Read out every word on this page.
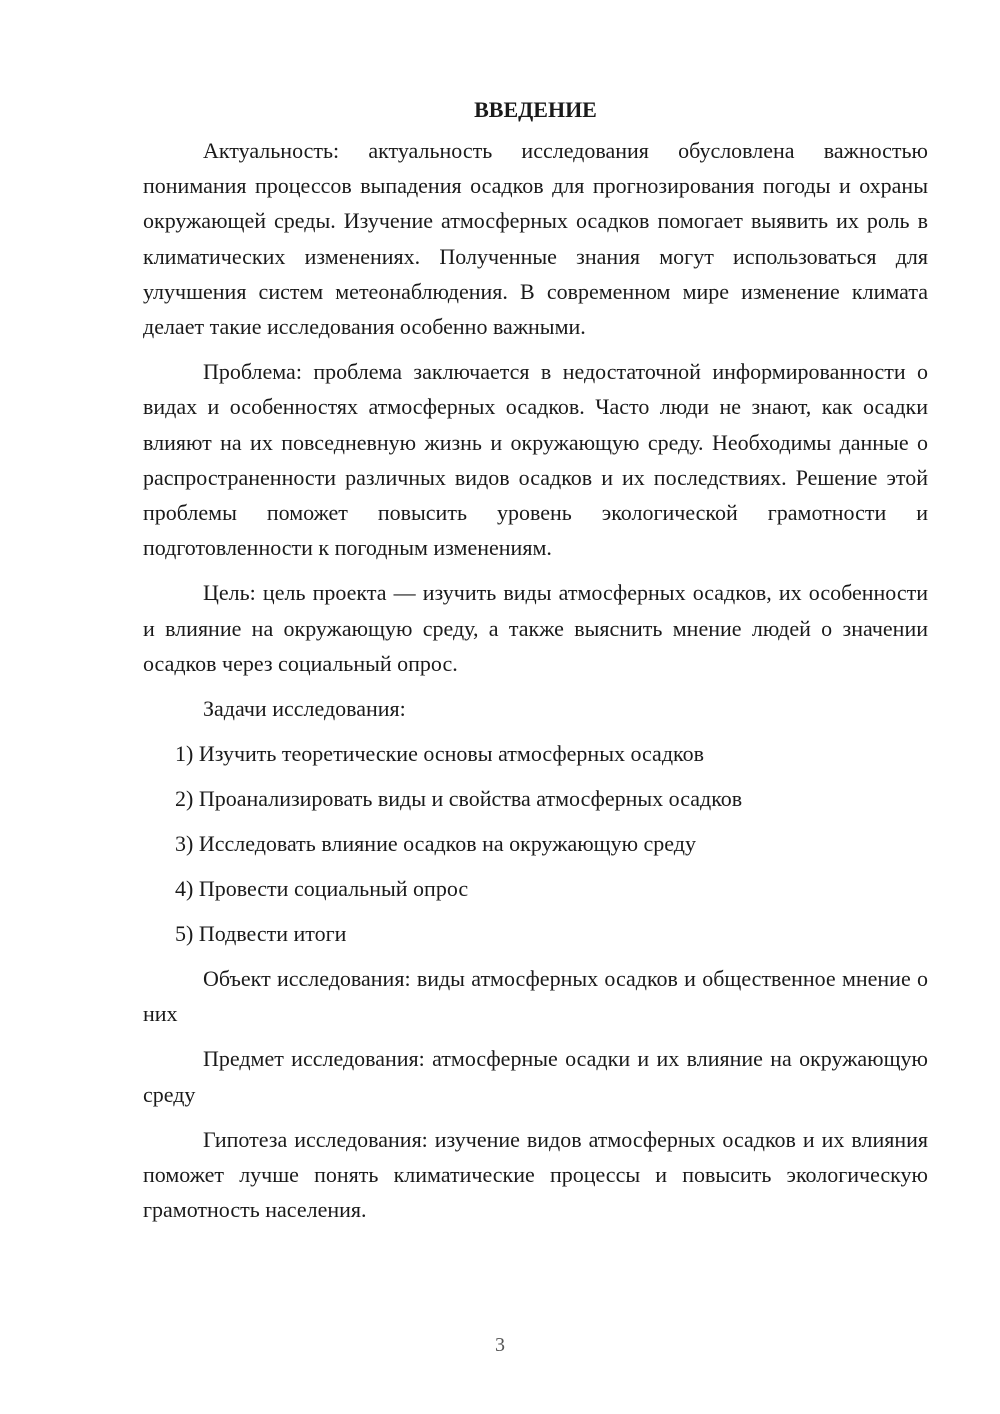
ВВЕДЕНИЕ

Актуальность: актуальность исследования обусловлена важностью понимания процессов выпадения осадков для прогнозирования погоды и охраны окружающей среды. Изучение атмосферных осадков помогает выявить их роль в климатических изменениях. Полученные знания могут использоваться для улучшения систем метеонаблюдения. В современном мире изменение климата делает такие исследования особенно важными.

Проблема: проблема заключается в недостаточной информированности о видах и особенностях атмосферных осадков. Часто люди не знают, как осадки влияют на их повседневную жизнь и окружающую среду. Необходимы данные о распространенности различных видов осадков и их последствиях. Решение этой проблемы поможет повысить уровень экологической грамотности и подготовленности к погодным изменениям.

Цель: цель проекта — изучить виды атмосферных осадков, их особенности и влияние на окружающую среду, а также выяснить мнение людей о значении осадков через социальный опрос.

Задачи исследования:
1) Изучить теоретические основы атмосферных осадков
2) Проанализировать виды и свойства атмосферных осадков
3) Исследовать влияние осадков на окружающую среду
4) Провести социальный опрос
5) Подвести итоги

Объект исследования: виды атмосферных осадков и общественное мнение о них

Предмет исследования: атмосферные осадки и их влияние на окружающую среду

Гипотеза исследования: изучение видов атмосферных осадков и их влияния поможет лучше понять климатические процессы и повысить экологическую грамотность населения.

3
